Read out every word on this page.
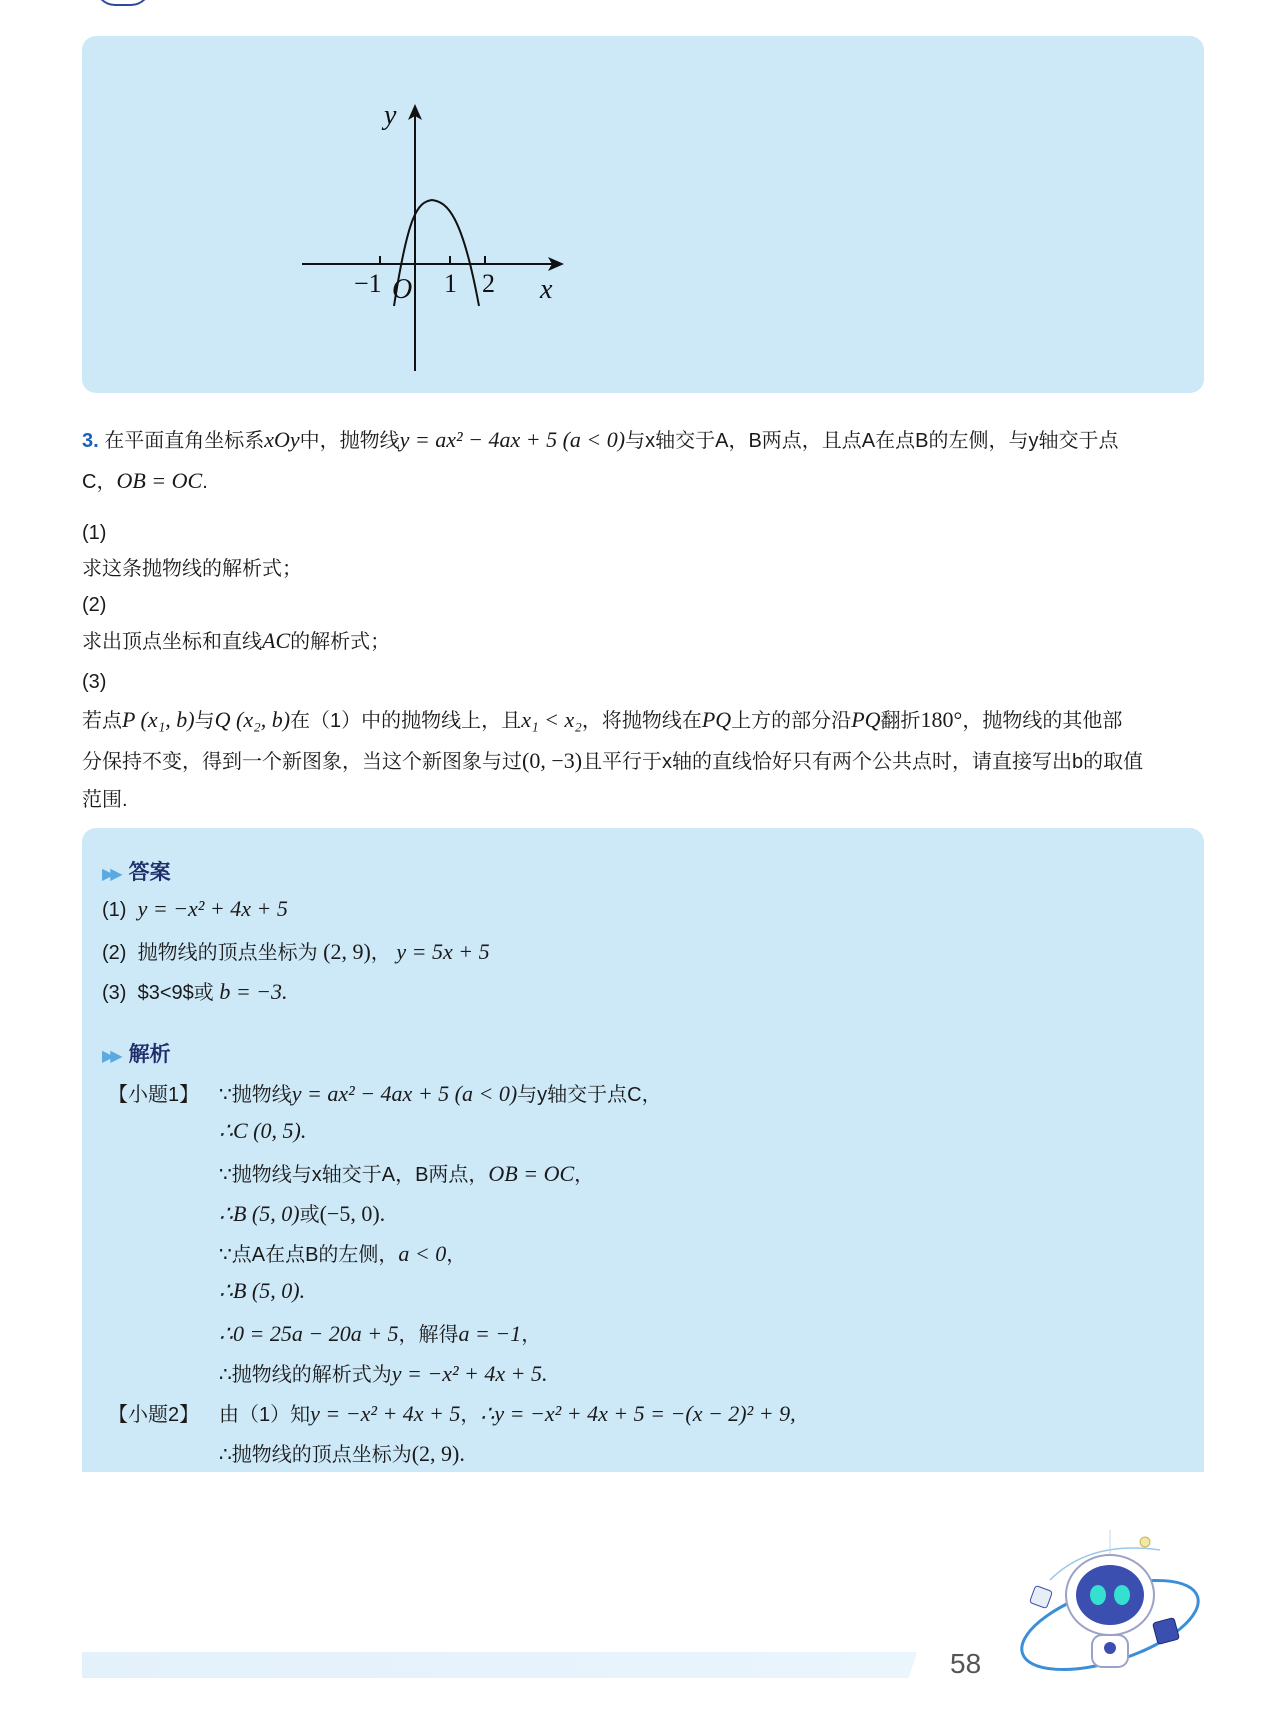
y
x
O
−1 1 2
3. 在平面直角坐标系xOy中，抛物线y = ax² − 4ax + 5 (a < 0)与x轴交于A，B两点，且点A在点B的左侧，与y轴交于点
C，OB = OC.

(1)

求这条抛物线的解析式；

(2)

求出顶点坐标和直线AC的解析式；

(3)

若点P (x₁, b)与Q (x₂, b)在（1）中的抛物线上，且x₁ < x₂，将抛物线在PQ上方的部分沿PQ翻折180°，抛物线的其他部

分保持不变，得到一个新图象，当这个新图象与过(0, −3)且平行于x轴的直线恰好只有两个公共点时，请直接写出b的取值

范围.

▶▶ 答案
(1) y = −x² + 4x + 5
(2) 抛物线的顶点坐标为 (2, 9)， y = 5x + 5
(3) $3<9$或 b = −3.
▶▶ 解析
【小题1】 ∵抛物线y = ax² − 4ax + 5 (a < 0)与y轴交于点C，
∴C (0, 5).
∵抛物线与x轴交于A，B两点，OB = OC，
∴B (5, 0)或(−5, 0).
∵点A在点B的左侧，a < 0，
∴B (5, 0).
∴0 = 25a − 20a + 5，解得a = −1，
∴抛物线的解析式为y = −x² + 4x + 5.
【小题2】 由（1）知y = −x² + 4x + 5，∴y = −x² + 4x + 5 = −(x − 2)² + 9,
∴抛物线的顶点坐标为(2, 9).
58
